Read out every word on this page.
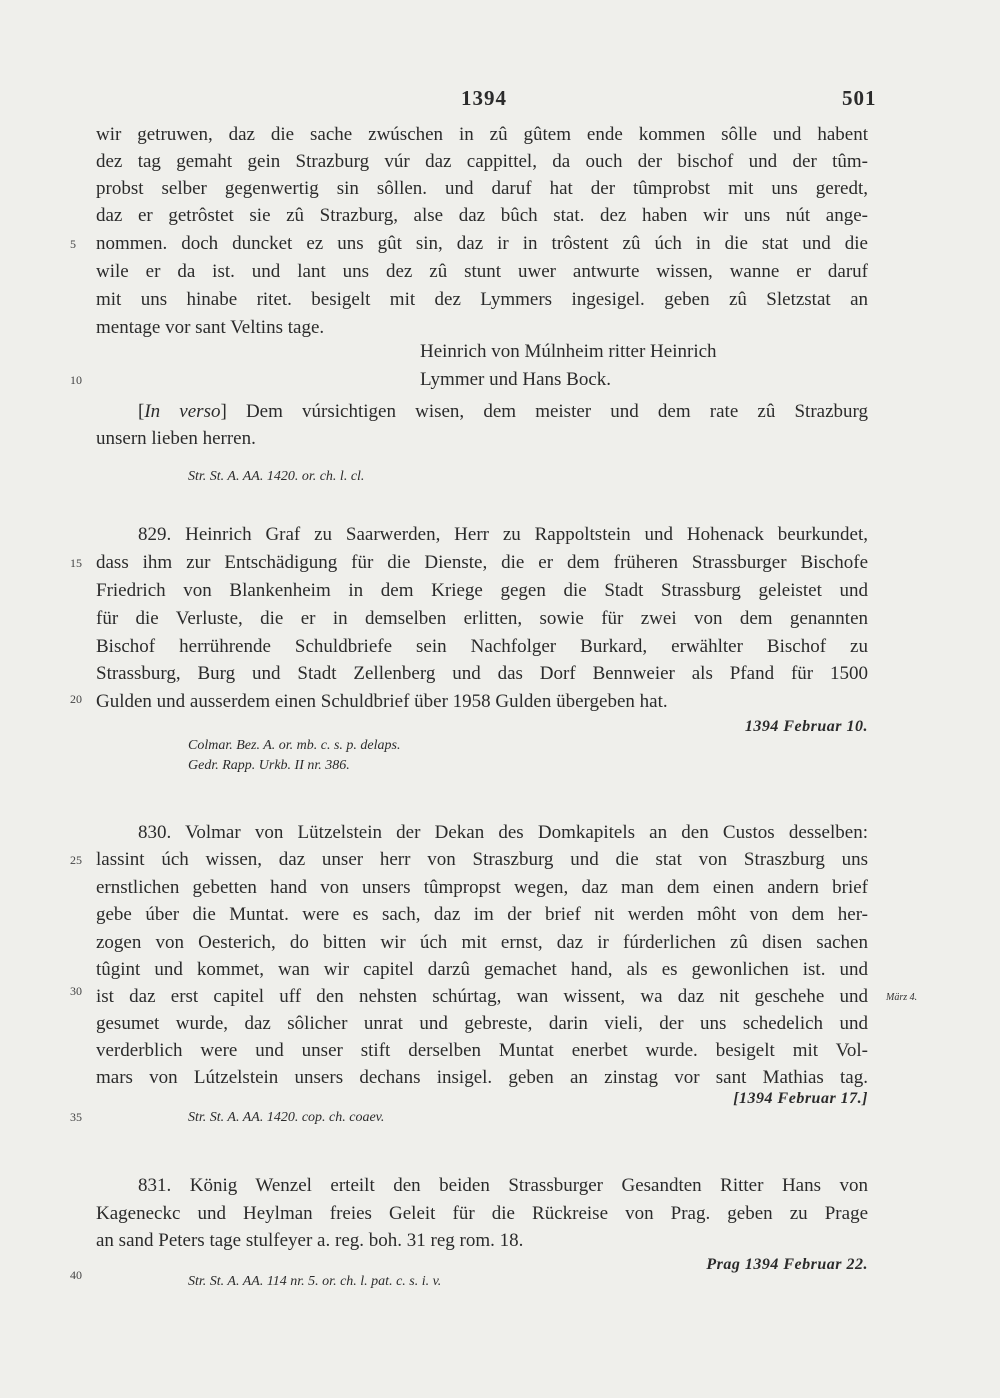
1394	501
wir getruwen, daz die sache zwúschen in zû gûtem ende kommen sôlle und habent
dez tag gemaht gein Strazburg vúr daz cappittel, da ouch der bischof und der tûm-
probst selber gegenwertig sin sôllen. und daruf hat der tûmprobst mit uns geredt,
daz er getrôstet sie zû Strazburg, alse daz bûch stat. dez haben wir uns nút ange-
nommen. doch duncket ez uns gût sin, daz ir in trôstent zû úch in die stat und die
wile er da ist. und lant uns dez zû stunt uwer antwurte wissen, wanne er daruf
mit uns hinabe ritet. besigelt mit dez Lymmers ingesigel. geben zû Sletzstat an
mentage vor sant Veltins tage.
Heinrich von Múlnheim ritter Heinrich
Lymmer und Hans Bock.
[In verso] Dem vúrsichtigen wisen, dem meister und dem rate zû Strazburg
unsern lieben herren.
Str. St. A. AA. 1420. or. ch. l. cl.
829. Heinrich Graf zu Saarwerden, Herr zu Rappoltstein und Hohenack beurkundet,
dass ihm zur Entschädigung für die Dienste, die er dem früheren Strassburger Bischofe
Friedrich von Blankenheim in dem Kriege gegen die Stadt Strassburg geleistet und
für die Verluste, die er in demselben erlitten, sowie für zwei von dem genannten
Bischof herrührende Schuldbriefe sein Nachfolger Burkard, erwählter Bischof zu
Strassburg, Burg und Stadt Zellenberg und das Dorf Bennweier als Pfand für 1500
Gulden und ausserdem einen Schuldbrief über 1958 Gulden übergeben hat.
1394 Februar 10.
Colmar. Bez. A. or. mb. c. s. p. delaps.
Gedr. Rapp. Urkb. II nr. 386.
830. Volmar von Lützelstein der Dekan des Domkapitels an den Custos desselben:
lassint úch wissen, daz unser herr von Straszburg und die stat von Straszburg uns
ernstlichen gebetten hand von unsers tûmpropst wegen, daz man dem einen andern brief
gebe úber die Muntat. were es sach, daz im der brief nit werden môht von dem her-
zogen von Oesterich, do bitten wir úch mit ernst, daz ir fúrderlichen zû disen sachen
tûgint und kommet, wan wir capitel darzû gemachet hand, als es gewonlichen ist. und
ist daz erst capitel uff den nehsten schúrtag, wan wissent, wa daz nit geschehe und
gesumet wurde, daz sôlicher unrat und gebreste, darin vieli, der uns schedelich und
verderblich were und unser stift derselben Muntat enerbet wurde. besigelt mit Vol-
mars von Lútzelstein unsers dechans insigel. geben an zinstag vor sant Mathias tag.
März 4.
[1394 Februar 17.]
Str. St. A. AA. 1420. cop. ch. coaev.
831. König Wenzel erteilt den beiden Strassburger Gesandten Ritter Hans von
Kageneckc und Heylman freies Geleit für die Rückreise von Prag. geben zu Prage
an sand Peters tage stulfeyer a. reg. boh. 31 reg rom. 18.
Prag 1394 Februar 22.
Str. St. A. AA. 114 nr. 5. or. ch. l. pat. c. s. i. v.
5
10
15
20
25
30
35
40
